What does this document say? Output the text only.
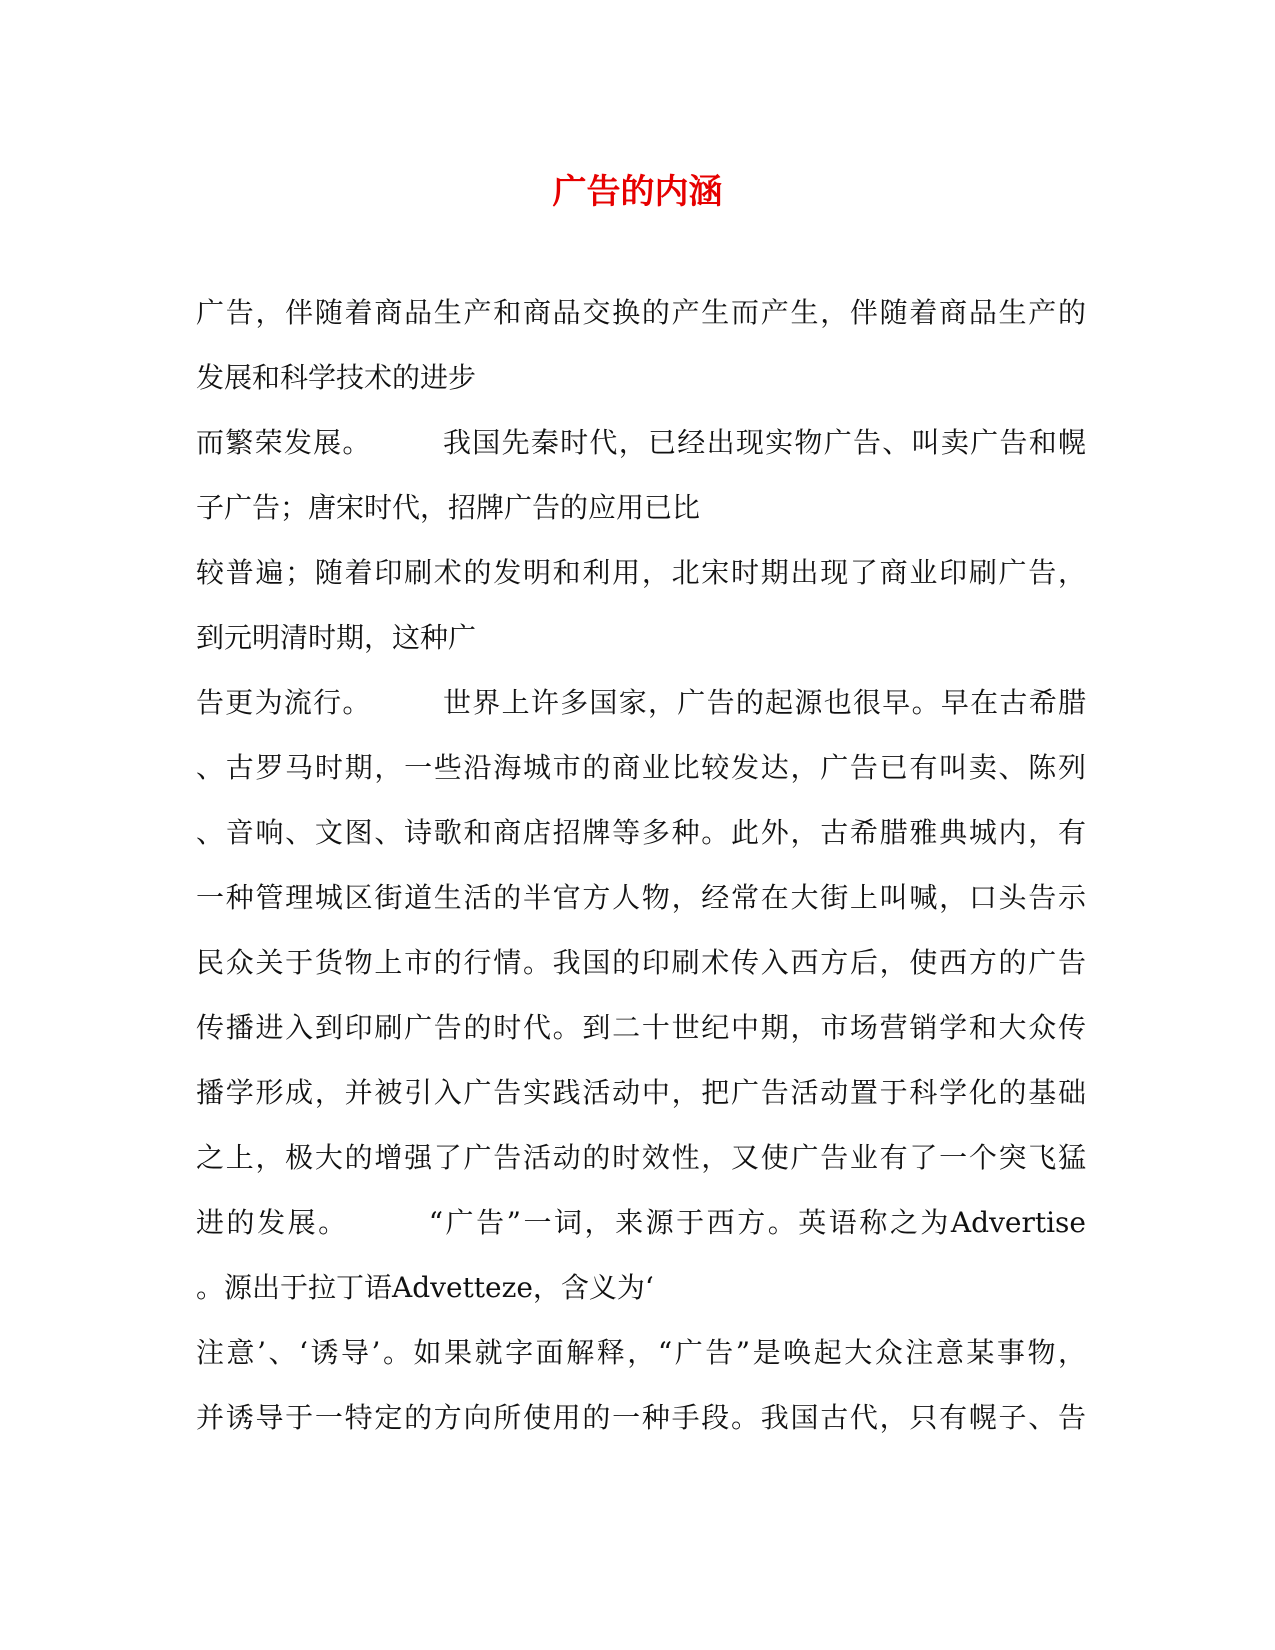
广告的内涵
广告，伴随着商品生产和商品交换的产生而产生，伴随着商品生产的
发展和科学技术的进步
而繁荣发展。       我国先秦时代，已经出现实物广告、叫卖广告和幌
子广告；唐宋时代，招牌广告的应用已比
较普遍；随着印刷术的发明和利用，北宋时期出现了商业印刷广告，
到元明清时期，这种广
告更为流行。       世界上许多国家，广告的起源也很早。早在古希腊
、古罗马时期，一些沿海城市的商业比较发达，广告已有叫卖、陈列
、音响、文图、诗歌和商店招牌等多种。此外，古希腊雅典城内，有
一种管理城区街道生活的半官方人物，经常在大街上叫喊，口头告示
民众关于货物上市的行情。我国的印刷术传入西方后，使西方的广告
传播进入到印刷广告的时代。到二十世纪中期，市场营销学和大众传
播学形成，并被引入广告实践活动中，把广告活动置于科学化的基础
之上，极大的增强了广告活动的时效性，又使广告业有了一个突飞猛
进的发展。       “广告”一词，来源于西方。英语称之为Advertise
。源出于拉丁语Advetteze，含义为‘
注意’、‘诱导’。如果就字面解释，“广告”是唤起大众注意某事物，
并诱导于一特定的方向所使用的一种手段。我国古代，只有幌子、告
